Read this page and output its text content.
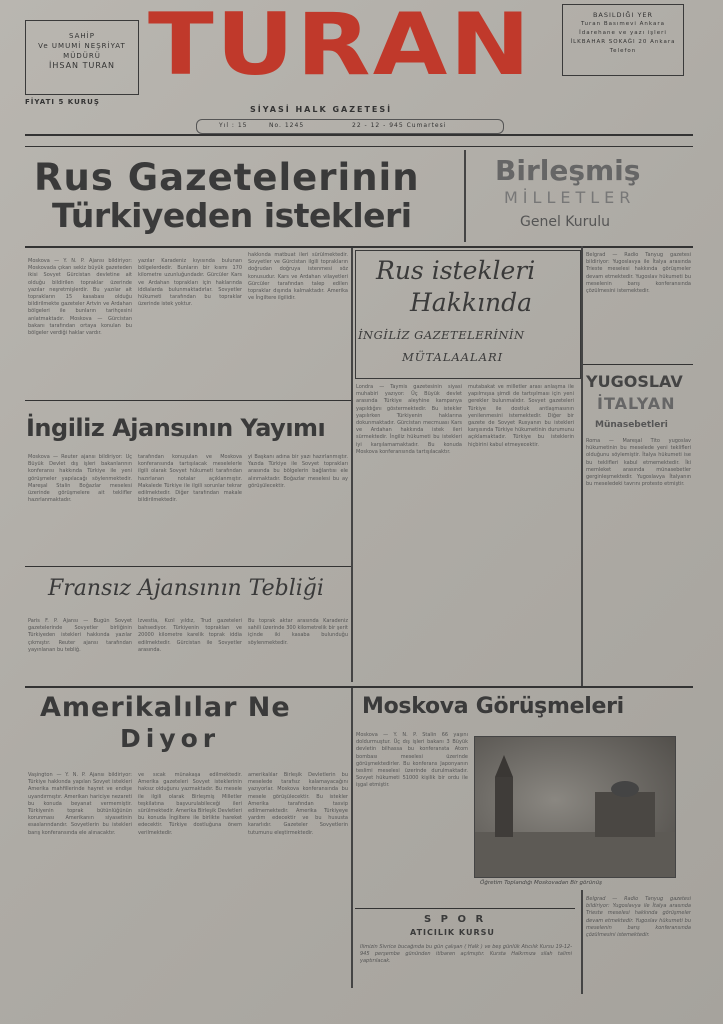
SAHİP
Ve UMUMİ NEŞRİYAT
MÜDÜRÜ
İHSAN TURAN
FİYATI 5 KURUŞ
TURAN	BASILDIĞI YER
Turan Basımevi Ankara
İdarehane ve yazı işleri
İLKBAHAR SOKAĞI 20 Ankara
Telefon
SİYASİ HALK GAZETESİ
Yıl : 15	No. 1245	22 - 12 - 945 Cumartesi
Rus Gazetelerinin
Türkiyeden istekleri
Moskova — Y. N. P. Ajansı bildiriyor: Moskovada çıkan sekiz büyük gazeteden ikisi Sovyet Gürcistan devletine ait olduğu bildirilen topraklar üzerinde yazılar neşretmişlerdir. Bu yazılar ait toprakların 15 kasabası olduğu bildirilmekte gazeteler Artvin ve Ardahan bölgeleri ile bunların tarihçesini anlatmaktadır. Moskova — Gürcistan bakanı tarafından ortaya konulan bu bölgeler verdiği haklar vardır.
yazılar Karadeniz kıyısında bulunan bölgelerdedir. Bunların bir kısmı 170 kilometre uzunluğundadır. Gürcüler Kars ve Ardahan toprakları için haklarında iddialarda bulunmaktadırlar. Sovyetler hükumeti tarafından bu topraklar üzerinde istek yoktur.
hakkında matbuat ileri sürülmektedir. Sovyetler ve Gürcistan ilgili toprakların doğrudan doğruya istenmesi söz konusudur. Kars ve Ardahan vilayetleri Gürcüler tarafından talep edilen topraklar dışında kalmaktadır. Amerika ve İngiltere ilgilidir.
Birleşmiş
MİLLETLER
Genel Kurulu
Rus istekleri
Hakkında
İNGİLİZ GAZETELERİNİN
MÜTALAALARI
Londra — Taymis gazetesinin siyasi muhabiri yazıyor: Üç Büyük devlet arasında Türkiye aleyhine kampanya yapıldığını göstermektedir. Bu istekler yapılırken Türkiyenin haklarına dokunmaktadır. Gürcistan mecmuası Kars ve Ardahan hakkında istek ileri sürmektedir. İngiliz hükumeti bu istekleri iyi karşılamamaktadır. Bu konuda Moskova konferansında tartışılacaktır.
mutabakat ve milletler arası anlaşma ile yapılmışsa şimdi de tartışılması için yeni gerekler bulunmalıdır. Sovyet gazeteleri Türkiye ile dostluk antlaşmasının yenilenmesini istemektedir. Diğer bir gazete de Sovyet Rusyanın bu istekleri karşısında Türkiye hükumetinin durumunu açıklamaktadır. Türkiye bu isteklerin hiçbirini kabul etmeyecektir.
Belgrad — Radio Tanyug gazetesi bildiriyor: Yugoslavya ile İtalya arasında Trieste meselesi hakkında görüşmeler devam etmektedir. Yugoslav hükumeti bu meselenin barış konferansında çözülmesini istemektedir.
YUGOSLAV
İTALYAN
Münasebetleri
Roma — Mareşal Tito yugoslav hükumetinin bu meselede yeni teklifleri olduğunu söylemiştir. İtalya hükumeti ise bu teklifleri kabul etmemektedir. İki memleket arasında münasebetler gerginleşmektedir. Yugoslavya İtalyanın bu meseledeki tavrını protesto etmiştir.
İngiliz Ajansının Yayımı
Moskova — Reuter ajansı bildiriyor: Üç Büyük Devlet dış işleri bakanlarının konferansı hakkında Türkiye ile yeni görüşmeler yapılacağı söylenmektedir. Mareşal Stalin Boğazlar meselesi üzerinde görüşmelere ait teklifler hazırlanmaktadır.
tarafından konuşulan ve Moskova konferansında tartışılacak meselelerle ilgili olarak Sovyet hükumeti tarafından hazırlanan notalar açıklanmıştır. Makalede Türkiye ile ilgili sorunlar tekrar edilmektedir. Diğer tarafından makale bildirilmektedir.
yi Başkanı adına bir yazı hazırlanmıştır. Yazıda Türkiye ile Sovyet toprakları arasında bu bölgelerin bağlantısı ele alınmaktadır. Boğazlar meselesi bu ay görüşülecektir.
Fransız Ajansının Tebliği
Paris F. P. Ajansı — Bugün Sovyet gazetelerinde Sovyetler birliğinin Türkiyeden istekleri hakkında yazılar çıkmıştır. Reuter ajansı tarafından yayınlanan bu tebliğ.
İzvestia, Kızıl yıldız, Trud gazeteleri bahsediyor. Türkiyenin toprakları ve 20000 kilometre karelik toprak iddia edilmektedir. Gürcistan ile Sovyetler arasında.
Bu toprak aktar arasında Karadeniz sahili üzerinde 300 kilometrelik bir şerit içinde iki kasaba bulunduğu söylenmektedir.
Amerikalılar Ne
Diyor
Vaşington — Y. N. P. Ajansı bildiriyor: Türkiye hakkında yapılan Sovyet istekleri Amerika mahfillerinde hayret ve endişe uyandırmıştır. Amerikan hariciye nezareti bu konuda beyanat vermemiştir. Türkiyenin toprak bütünlüğünün korunması Amerikanın siyasetinin esaslarındandır. Sovyetlerin bu istekleri barış konferansında ele alınacaktır.
ve sıcak münakaşa edilmektedir. Amerika gazeteleri Sovyet isteklerinin haksız olduğunu yazmaktadır. Bu mesele ile ilgili olarak Birleşmiş Milletler teşkilatına başvurulabileceği ileri sürülmektedir. Amerika Birleşik Devletleri bu konuda İngiltere ile birlikte hareket edecektir. Türkiye dostluğuna önem verilmektedir.
amerikalılar Birleşik Devletlerin bu meselede tarafsız kalamayacağını yazıyorlar. Moskova konferansında bu mesele görüşülecektir. Bu istekler Amerika tarafından tasvip edilmemektedir. Amerika Türkiyeye yardım edecektir ve bu hususta kararlıdır. Gazeteler Sovyetlerin tutumunu eleştirmektedir.
Moskova Görüşmeleri
Moskova — Y. N. P. Stalin 66 yaşını doldurmuştur. Üç dış işleri bakanı 3 Büyük devletin bilhassa bu konferansta Atom bombası meselesi üzerinde görüşmektedirler. Bu konferans Japonyanın teslimi meselesi üzerinde durulmaktadır. Sovyet hükumeti 51000 kişilik bir ordu ile işgal etmiştir.
Öğretim Toplandığı Moskovadan Bir görünüş
S P O R
ATICILIK KURSU
İlimizin Sivrice bucağında bu gün çalışan ( Halk ) ve beş günlük Atıcılık Kursu 19-12-945 perşembe gününden itibaren açılmıştır. Kursta Halkımıza silah talimi yaptırılacak.
Belgrad — Radio Tanyug gazetesi bildiriyor: Yugoslavya ile İtalya arasında Trieste meselesi hakkında görüşmeler devam etmektedir. Yugoslav hükumeti bu meselenin barış konferansında çözülmesini istemektedir.
